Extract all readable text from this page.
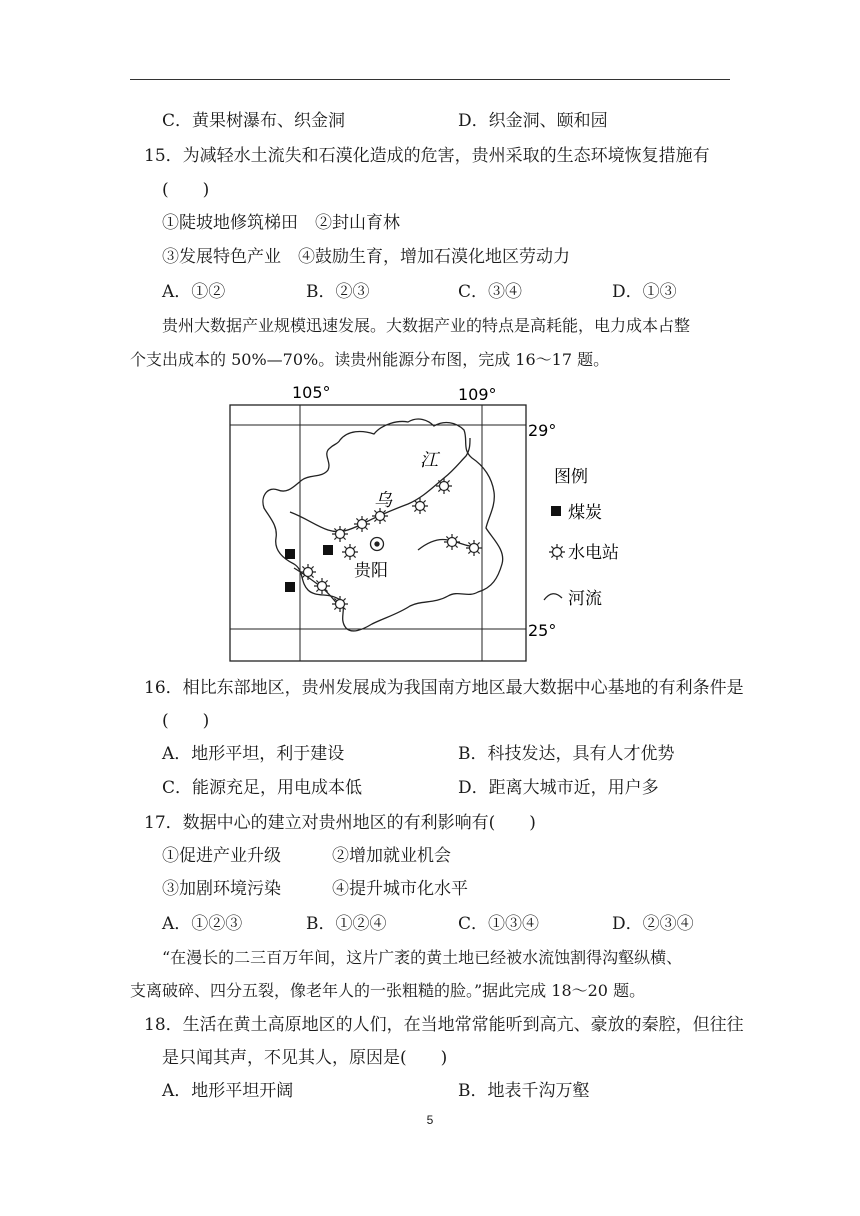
C．黄果树瀑布、织金洞	D．织金洞、颐和园
15．为减轻水土流失和石漠化造成的危害，贵州采取的生态环境恢复措施有
(　　)
①陡坡地修筑梯田　②封山育林
③发展特色产业　④鼓励生育，增加石漠化地区劳动力
A．①②	B．②③	C．③④	D．①③
贵州大数据产业规模迅速发展。大数据产业的特点是高耗能，电力成本占整
个支出成本的 50%—70%。读贵州能源分布图，完成 16～17 题。
105°	109°
29°
25°
江
乌
贵阳
图例
煤炭
水电站
河流
16．相比东部地区，贵州发展成为我国南方地区最大数据中心基地的有利条件是
(　　)
A．地形平坦，利于建设	B．科技发达，具有人才优势
C．能源充足，用电成本低	D．距离大城市近，用户多
17．数据中心的建立对贵州地区的有利影响有(　　)
①促进产业升级　　　②增加就业机会
③加剧环境污染　　　④提升城市化水平
A．①②③	B．①②④	C．①③④	D．②③④
“在漫长的二三百万年间，这片广袤的黄土地已经被水流蚀割得沟壑纵横、
支离破碎、四分五裂，像老年人的一张粗糙的脸。”据此完成 18～20 题。
18．生活在黄土高原地区的人们，在当地常常能听到高亢、豪放的秦腔，但往往
是只闻其声，不见其人，原因是(　　)
A．地形平坦开阔	B．地表千沟万壑
5
